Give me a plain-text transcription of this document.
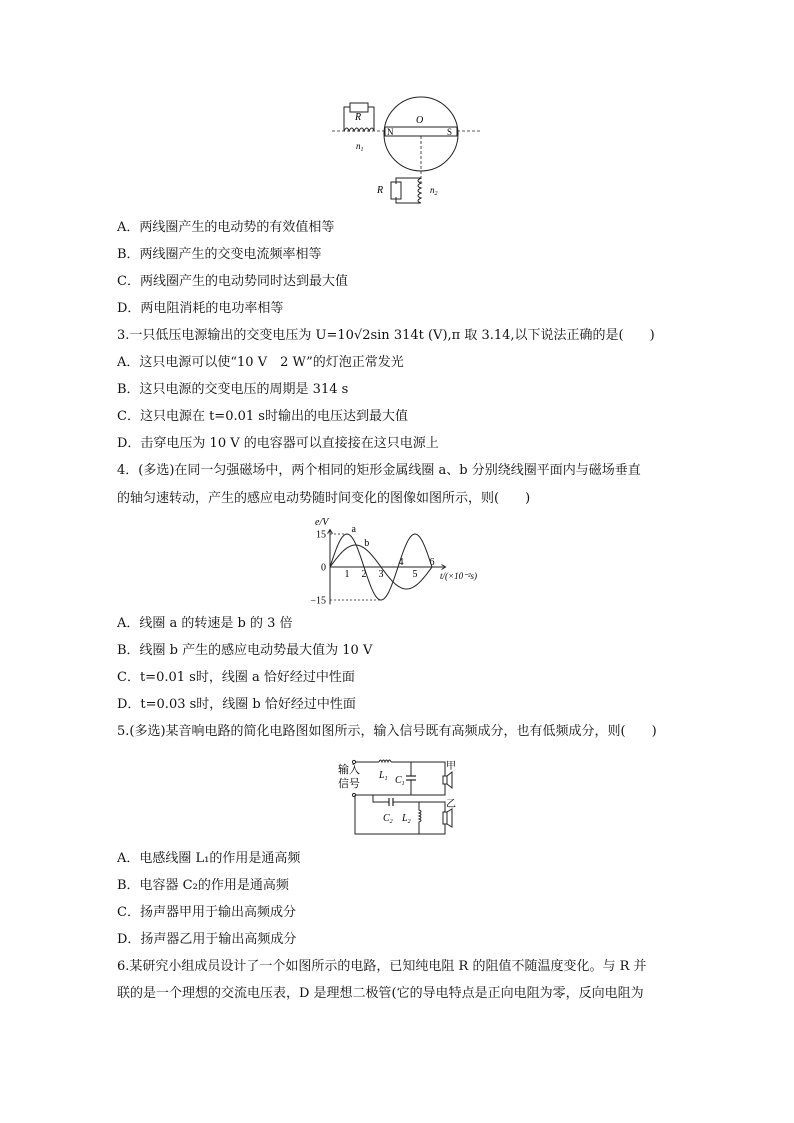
R
$n_1$
N	S
O
R	$n_2$
A．两线圈产生的电动势的有效值相等
B．两线圈产生的交变电流频率相等
C．两线圈产生的电动势同时达到最大值
D．两电阻消耗的电功率相等
3.一只低压电源输出的交变电压为 U=10√2sin 314t (V),π 取 3.14,以下说法正确的是(　　)
A．这只电源可以使“10 V　2 W”的灯泡正常发光
B．这只电源的交变电压的周期是 314 s
C．这只电源在 t=0.01 s时输出的电压达到最大值
D．击穿电压为 10 V 的电容器可以直接接在这只电源上
4．(多选)在同一匀强磁场中，两个相同的矩形金属线圈 a、b 分别绕线圈平面内与磁场垂直
的轴匀速转动，产生的感应电动势随时间变化的图像如图所示，则(　　)
e/V
t/(×10⁻²s)
15
0
−15
1 2 3
4
5
6
a
b
A．线圈 a 的转速是 b 的 3 倍
B．线圈 b 产生的感应电动势最大值为 10 V
C．t=0.01 s时，线圈 a 恰好经过中性面
D．t=0.03 s时，线圈 b 恰好经过中性面
5.(多选)某音响电路的简化电路图如图所示，输入信号既有高频成分，也有低频成分，则(　　)
输入
信号
$L_1$ $C_1$
甲
$C_2$ $L_2$
乙
A．电感线圈 L₁的作用是通高频
B．电容器 C₂的作用是通高频
C．扬声器甲用于输出高频成分
D．扬声器乙用于输出高频成分
6.某研究小组成员设计了一个如图所示的电路，已知纯电阻 R 的阻值不随温度变化。与 R 并
联的是一个理想的交流电压表，D 是理想二极管(它的导电特点是正向电阻为零，反向电阻为
